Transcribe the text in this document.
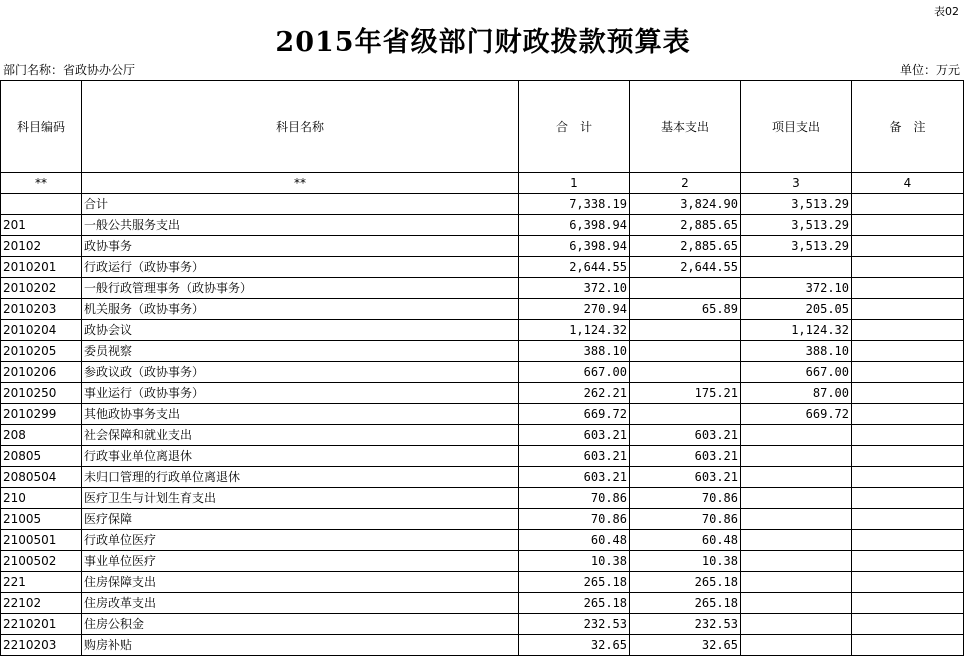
表02
2015年省级部门财政拨款预算表
部门名称：省政协办公厅	单位：万元
科目编码	科目名称	合　计	基本支出	项目支出	备　注
**	**	1	2	3	4
	合计	7,338.19	3,824.90	3,513.29	
201	一般公共服务支出	6,398.94	2,885.65	3,513.29	
20102	政协事务	6,398.94	2,885.65	3,513.29	
2010201	行政运行（政协事务）	2,644.55	2,644.55		
2010202	一般行政管理事务（政协事务）	372.10		372.10	
2010203	机关服务（政协事务）	270.94	65.89	205.05	
2010204	政协会议	1,124.32		1,124.32	
2010205	委员视察	388.10		388.10	
2010206	参政议政（政协事务）	667.00		667.00	
2010250	事业运行（政协事务）	262.21	175.21	87.00	
2010299	其他政协事务支出	669.72		669.72	
208	社会保障和就业支出	603.21	603.21		
20805	行政事业单位离退休	603.21	603.21		
2080504	未归口管理的行政单位离退休	603.21	603.21		
210	医疗卫生与计划生育支出	70.86	70.86		
21005	医疗保障	70.86	70.86		
2100501	行政单位医疗	60.48	60.48		
2100502	事业单位医疗	10.38	10.38		
221	住房保障支出	265.18	265.18		
22102	住房改革支出	265.18	265.18		
2210201	住房公积金	232.53	232.53		
2210203	购房补贴	32.65	32.65		
